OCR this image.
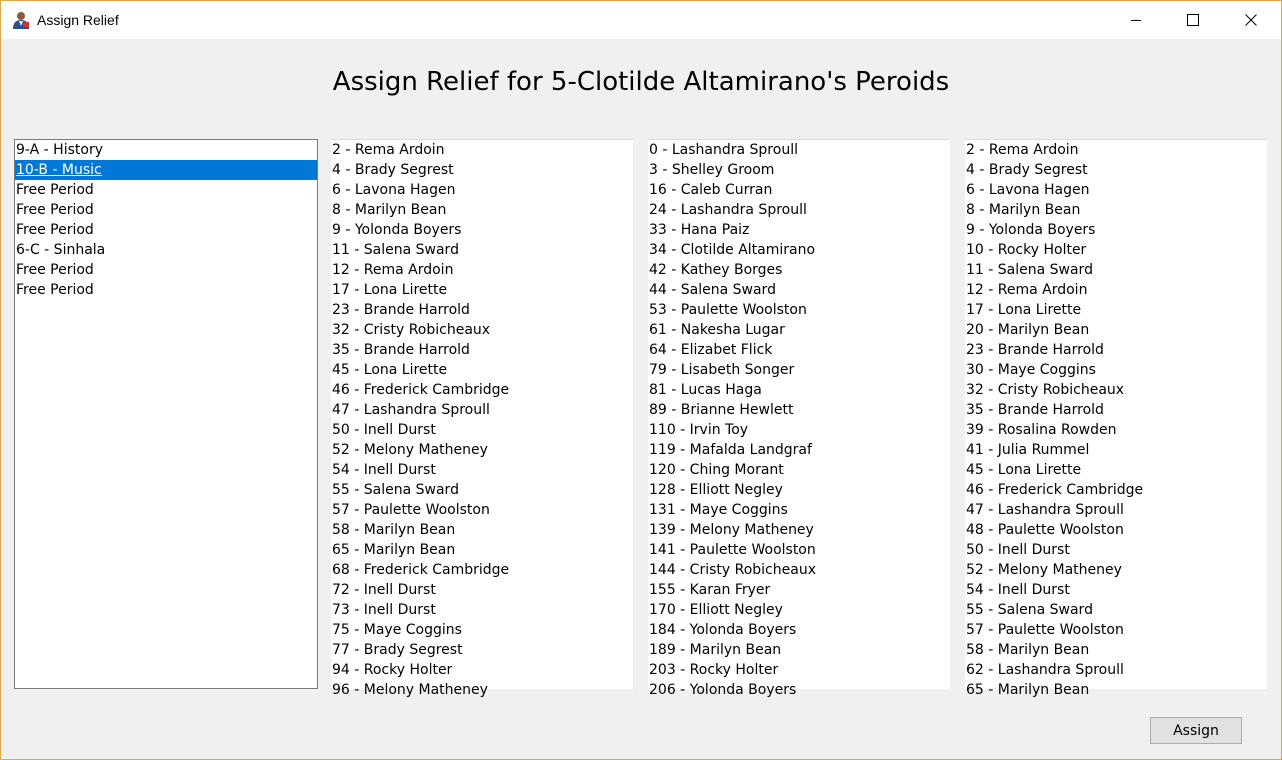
Assign Relief
Assign Relief for 5-Clotilde Altamirano's Peroids
9-A - History
10-B - Music
Free Period
Free Period
Free Period
6-C - Sinhala
Free Period
Free Period
2 - Rema Ardoin
4 - Brady Segrest
6 - Lavona Hagen
8 - Marilyn Bean
9 - Yolonda Boyers
11 - Salena Sward
12 - Rema Ardoin
17 - Lona Lirette
23 - Brande Harrold
32 - Cristy Robicheaux
35 - Brande Harrold
45 - Lona Lirette
46 - Frederick Cambridge
47 - Lashandra Sproull
50 - Inell Durst
52 - Melony Matheney
54 - Inell Durst
55 - Salena Sward
57 - Paulette Woolston
58 - Marilyn Bean
65 - Marilyn Bean
68 - Frederick Cambridge
72 - Inell Durst
73 - Inell Durst
75 - Maye Coggins
77 - Brady Segrest
94 - Rocky Holter
96 - Melony Matheney
0 - Lashandra Sproull
3 - Shelley Groom
16 - Caleb Curran
24 - Lashandra Sproull
33 - Hana Paiz
34 - Clotilde Altamirano
42 - Kathey Borges
44 - Salena Sward
53 - Paulette Woolston
61 - Nakesha Lugar
64 - Elizabet Flick
79 - Lisabeth Songer
81 - Lucas Haga
89 - Brianne Hewlett
110 - Irvin Toy
119 - Mafalda Landgraf
120 - Ching Morant
128 - Elliott Negley
131 - Maye Coggins
139 - Melony Matheney
141 - Paulette Woolston
144 - Cristy Robicheaux
155 - Karan Fryer
170 - Elliott Negley
184 - Yolonda Boyers
189 - Marilyn Bean
203 - Rocky Holter
206 - Yolonda Boyers
2 - Rema Ardoin
4 - Brady Segrest
6 - Lavona Hagen
8 - Marilyn Bean
9 - Yolonda Boyers
10 - Rocky Holter
11 - Salena Sward
12 - Rema Ardoin
17 - Lona Lirette
20 - Marilyn Bean
23 - Brande Harrold
30 - Maye Coggins
32 - Cristy Robicheaux
35 - Brande Harrold
39 - Rosalina Rowden
41 - Julia Rummel
45 - Lona Lirette
46 - Frederick Cambridge
47 - Lashandra Sproull
48 - Paulette Woolston
50 - Inell Durst
52 - Melony Matheney
54 - Inell Durst
55 - Salena Sward
57 - Paulette Woolston
58 - Marilyn Bean
62 - Lashandra Sproull
65 - Marilyn Bean
Assign
